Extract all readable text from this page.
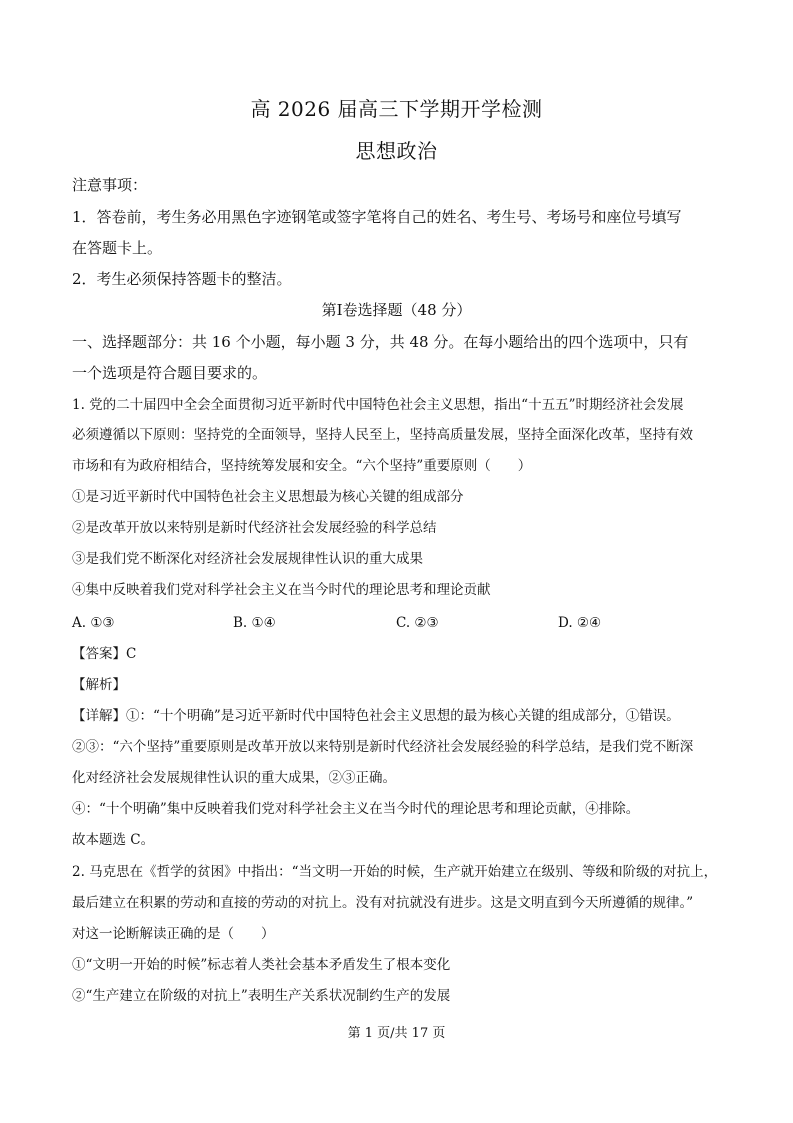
高 2026 届高三下学期开学检测
思想政治
注意事项：
1．答卷前，考生务必用黑色字迹钢笔或签字笔将自己的姓名、考生号、考场号和座位号填写
在答题卡上。
2．考生必须保持答题卡的整洁。
第Ⅰ卷选择题（48 分）
一、选择题部分：共 16 个小题，每小题 3 分，共 48 分。在每小题给出的四个选项中，只有
一个选项是符合题目要求的。
1. 党的二十届四中全会全面贯彻习近平新时代中国特色社会主义思想，指出“十五五”时期经济社会发展
必须遵循以下原则：坚持党的全面领导，坚持人民至上，坚持高质量发展，坚持全面深化改革，坚持有效
市场和有为政府相结合，坚持统筹发展和安全。“六个坚持”重要原则（　　）
①是习近平新时代中国特色社会主义思想最为核心关键的组成部分
②是改革开放以来特别是新时代经济社会发展经验的科学总结
③是我们党不断深化对经济社会发展规律性认识的重大成果
④集中反映着我们党对科学社会主义在当今时代的理论思考和理论贡献
A. ①③	B. ①④	C. ②③	D. ②④
【答案】C
【解析】
【详解】①：“十个明确”是习近平新时代中国特色社会主义思想的最为核心关键的组成部分，①错误。
②③：“六个坚持”重要原则是改革开放以来特别是新时代经济社会发展经验的科学总结，是我们党不断深
化对经济社会发展规律性认识的重大成果，②③正确。
④：“十个明确”集中反映着我们党对科学社会主义在当今时代的理论思考和理论贡献，④排除。
故本题选 C。
2. 马克思在《哲学的贫困》中指出：“当文明一开始的时候，生产就开始建立在级别、等级和阶级的对抗上，
最后建立在积累的劳动和直接的劳动的对抗上。没有对抗就没有进步。这是文明直到今天所遵循的规律。”
对这一论断解读正确的是（　　）
①“文明一开始的时候”标志着人类社会基本矛盾发生了根本变化
②“生产建立在阶级的对抗上”表明生产关系状况制约生产的发展
第 1 页/共 17 页
